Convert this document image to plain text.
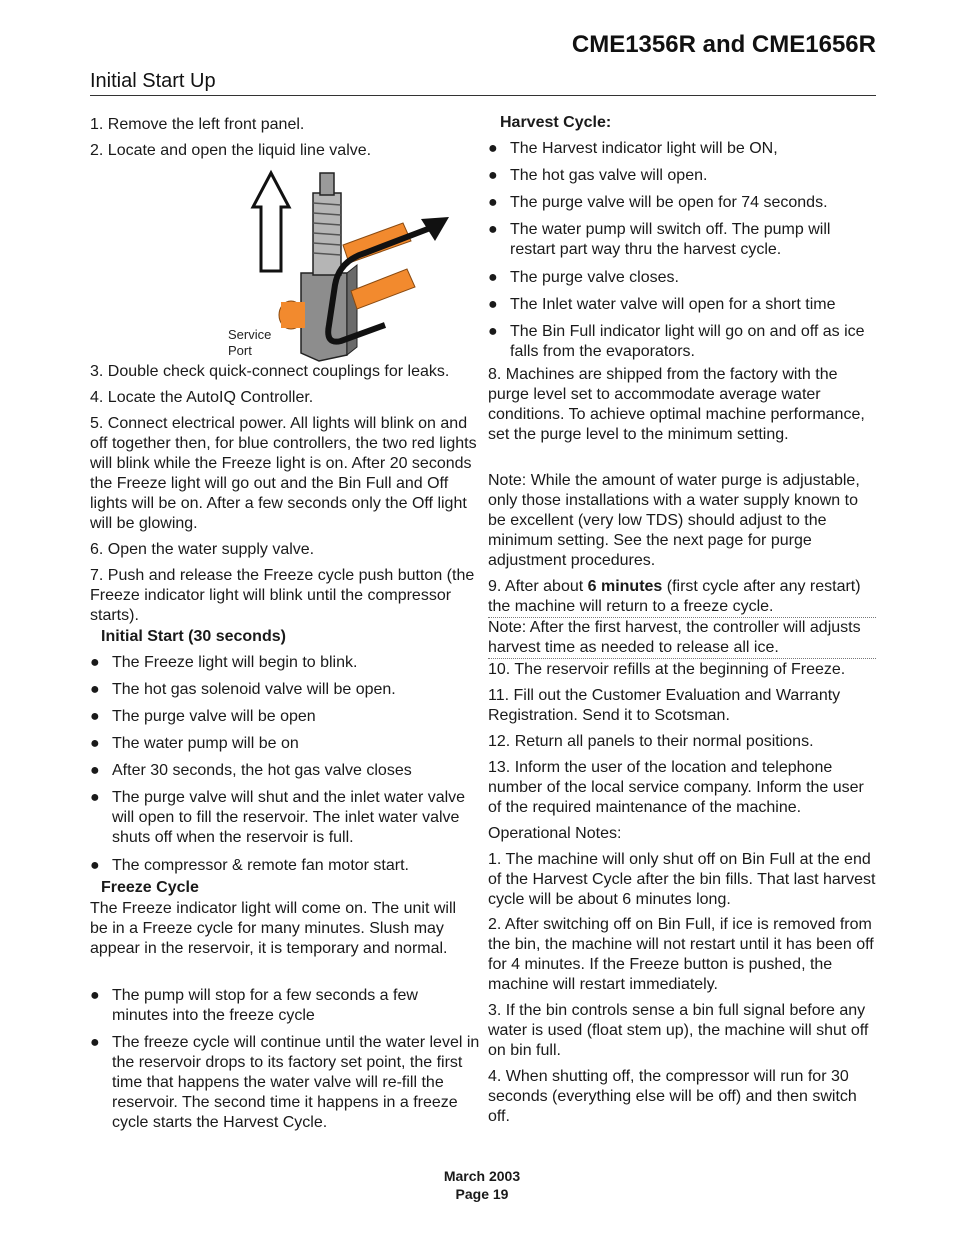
CME1356R and CME1656R
Initial Start Up

1. Remove the left front panel.

2. Locate and open the liquid line valve.

Service
Port

3. Double check quick-connect couplings for leaks.

4. Locate the AutoIQ Controller.

5. Connect electrical power. All lights will blink on and off together then, for blue controllers, the two red lights will blink while the Freeze light is on. After 20 seconds the Freeze light will go out and the Bin Full and Off lights will be on. After a few seconds only the Off light will be glowing.

6. Open the water supply valve.

7. Push and release the Freeze cycle push button (the Freeze indicator light will blink until the compressor starts).

Initial Start (30 seconds)

● The Freeze light will begin to blink.

● The hot gas solenoid valve will be open.

● The purge valve will be open

● The water pump will be on

● After 30 seconds, the hot gas valve closes

● The purge valve will shut and the inlet water valve will open to fill the reservoir. The inlet water valve shuts off when the reservoir is full.

● The compressor & remote fan motor start.

Freeze Cycle

The Freeze indicator light will come on. The unit will be in a Freeze cycle for many minutes. Slush may appear in the reservoir, it is temporary and normal.

● The pump will stop for a few seconds a few minutes into the freeze cycle

● The freeze cycle will continue until the water level in the reservoir drops to its factory set point, the first time that happens the water valve will re-fill the reservoir. The second time it happens in a freeze cycle starts the Harvest Cycle.

Harvest Cycle:

● The Harvest indicator light will be ON,

● The hot gas valve will open.

● The purge valve will be open for 74 seconds.

● The water pump will switch off. The pump will restart part way thru the harvest cycle.

● The purge valve closes.

● The Inlet water valve will open for a short time

● The Bin Full indicator light will go on and off as ice falls from the evaporators.

8. Machines are shipped from the factory with the purge level set to accommodate average water conditions. To achieve optimal machine performance, set the purge level to the minimum setting.

Note: While the amount of water purge is adjustable, only those installations with a water supply known to be excellent (very low TDS) should adjust to the minimum setting. See the next page for purge adjustment procedures.

9. After about 6 minutes (first cycle after any restart) the machine will return to a freeze cycle.

Note: After the first harvest, the controller will adjusts harvest time as needed to release all ice.

10. The reservoir refills at the beginning of Freeze.

11. Fill out the Customer Evaluation and Warranty Registration. Send it to Scotsman.

12. Return all panels to their normal positions.

13. Inform the user of the location and telephone number of the local service company. Inform the user of the required maintenance of the machine.

Operational Notes:

1. The machine will only shut off on Bin Full at the end of the Harvest Cycle after the bin fills. That last harvest cycle will be about 6 minutes long.

2. After switching off on Bin Full, if ice is removed from the bin, the machine will not restart until it has been off for 4 minutes. If the Freeze button is pushed, the machine will restart immediately.

3. If the bin controls sense a bin full signal before any water is used (float stem up), the machine will shut off on bin full.

4. When shutting off, the compressor will run for 30 seconds (everything else will be off) and then switch off.

March 2003
Page 19
